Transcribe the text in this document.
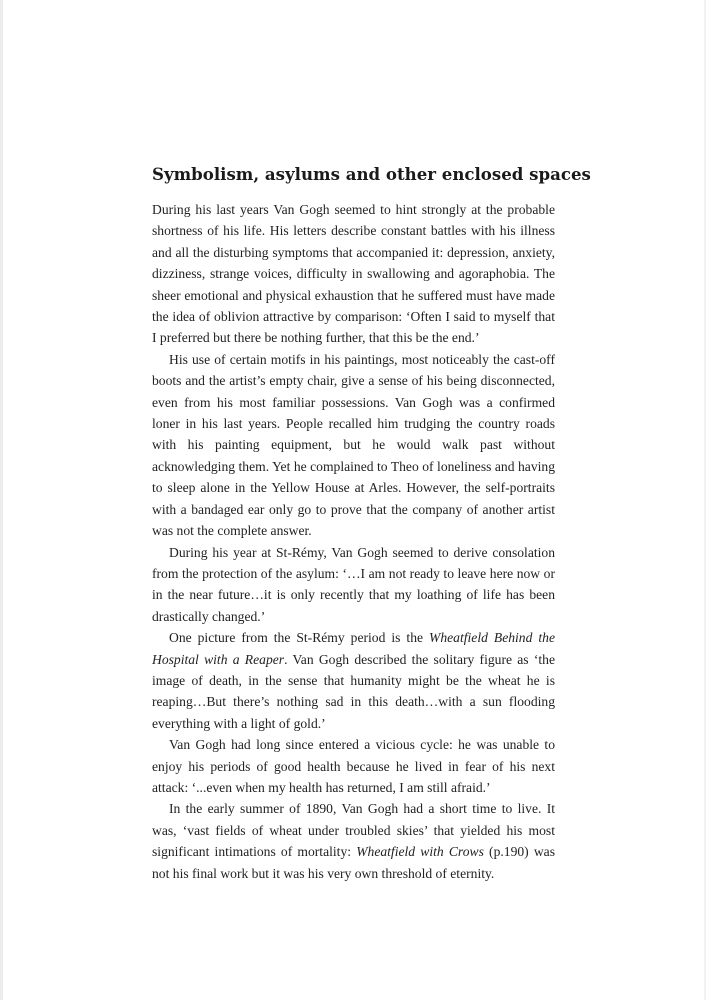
Symbolism, asylums and other enclosed spaces

During his last years Van Gogh seemed to hint strongly at the probable shortness of his life. His letters describe constant battles with his illness and all the disturbing symptoms that accompanied it: depression, anxiety, dizziness, strange voices, difficulty in swallowing and agoraphobia. The sheer emotional and physical exhaustion that he suffered must have made the idea of oblivion attractive by comparison: ‘Often I said to myself that I preferred but there be nothing further, that this be the end.’

His use of certain motifs in his paintings, most noticeably the cast-off boots and the artist’s empty chair, give a sense of his being disconnected, even from his most familiar possessions. Van Gogh was a confirmed loner in his last years. People recalled him trudging the country roads with his painting equipment, but he would walk past without acknowledging them. Yet he complained to Theo of loneliness and having to sleep alone in the Yellow House at Arles. However, the self-portraits with a bandaged ear only go to prove that the company of another artist was not the complete answer.

During his year at St-Rémy, Van Gogh seemed to derive consolation from the protection of the asylum: ‘…I am not ready to leave here now or in the near future…it is only recently that my loathing of life has been drastically changed.’

One picture from the St-Rémy period is the Wheatfield Behind the Hospital with a Reaper. Van Gogh described the solitary figure as ‘the image of death, in the sense that humanity might be the wheat he is reaping…But there’s nothing sad in this death…with a sun flooding everything with a light of gold.’

Van Gogh had long since entered a vicious cycle: he was unable to enjoy his periods of good health because he lived in fear of his next attack: ‘...even when my health has returned, I am still afraid.’

In the early summer of 1890, Van Gogh had a short time to live. It was, ‘vast fields of wheat under troubled skies’ that yielded his most significant intimations of mortality: Wheatfield with Crows (p.190) was not his final work but it was his very own threshold of eternity.
